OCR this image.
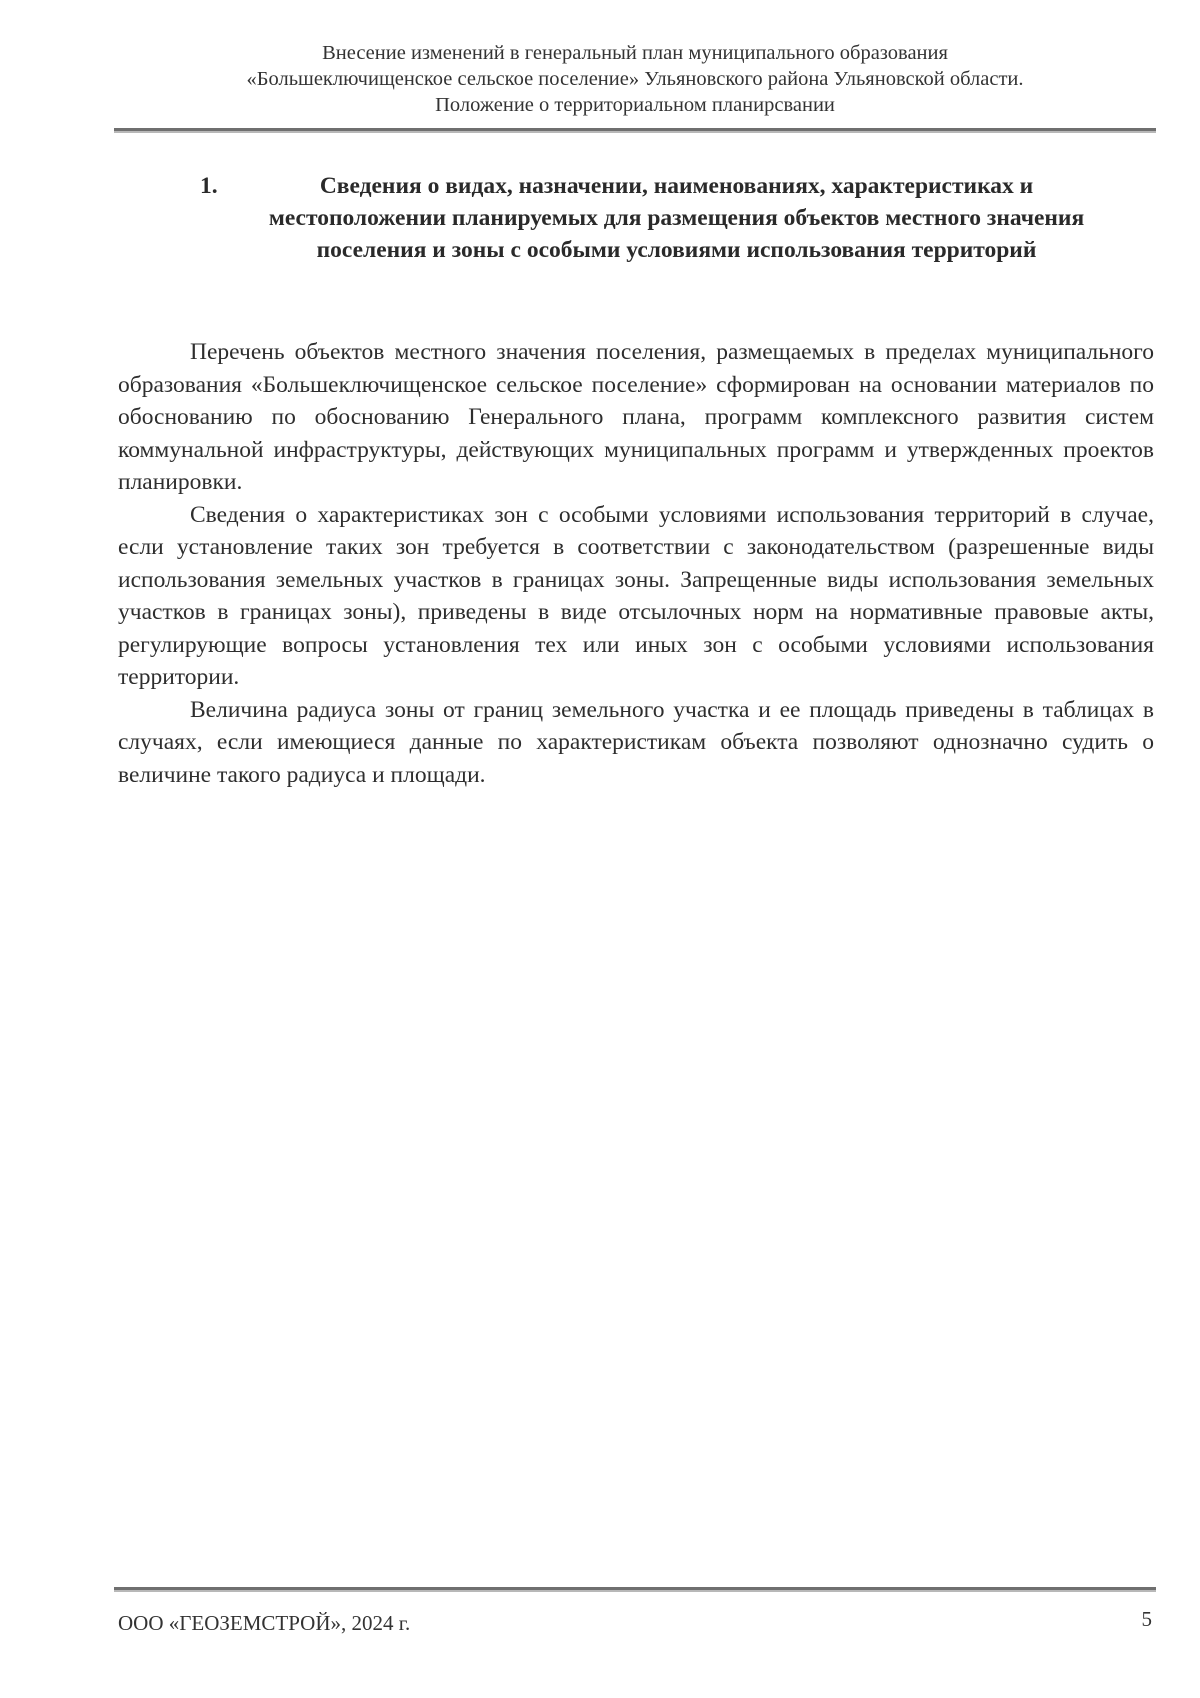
Внесение изменений в генеральный план муниципального образования
«Большеключищенское сельское поселение» Ульяновского района Ульяновской области.
Положение о территориальном планирсвании
1.	Сведения о видах, назначении, наименованиях, характеристиках и местоположении планируемых для размещения объектов местного значения поселения и зоны с особыми условиями использования территорий

Перечень объектов местного значения поселения, размещаемых в пределах муниципального образования «Большеключищенское сельское поселение» сформирован на основании материалов по обоснованию по обоснованию Генерального плана, программ комплексного развития систем коммунальной инфраструктуры, действующих муниципальных программ и утвержденных проектов планировки.

Сведения о характеристиках зон с особыми условиями использования территорий в случае, если установление таких зон требуется в соответствии с законодательством (разрешенные виды использования земельных участков в границах зоны. Запрещенные виды использования земельных участков в границах зоны), приведены в виде отсылочных норм на нормативные правовые акты, регулирующие вопросы установления тех или иных зон с особыми условиями использования территории.

Величина радиуса зоны от границ земельного участка и ее площадь приведены в таблицах в случаях, если имеющиеся данные по характеристикам объекта позволяют однозначно судить о величине такого радиуса и площади.

ООО «ГЕОЗЕМСТРОЙ», 2024 г.	5
